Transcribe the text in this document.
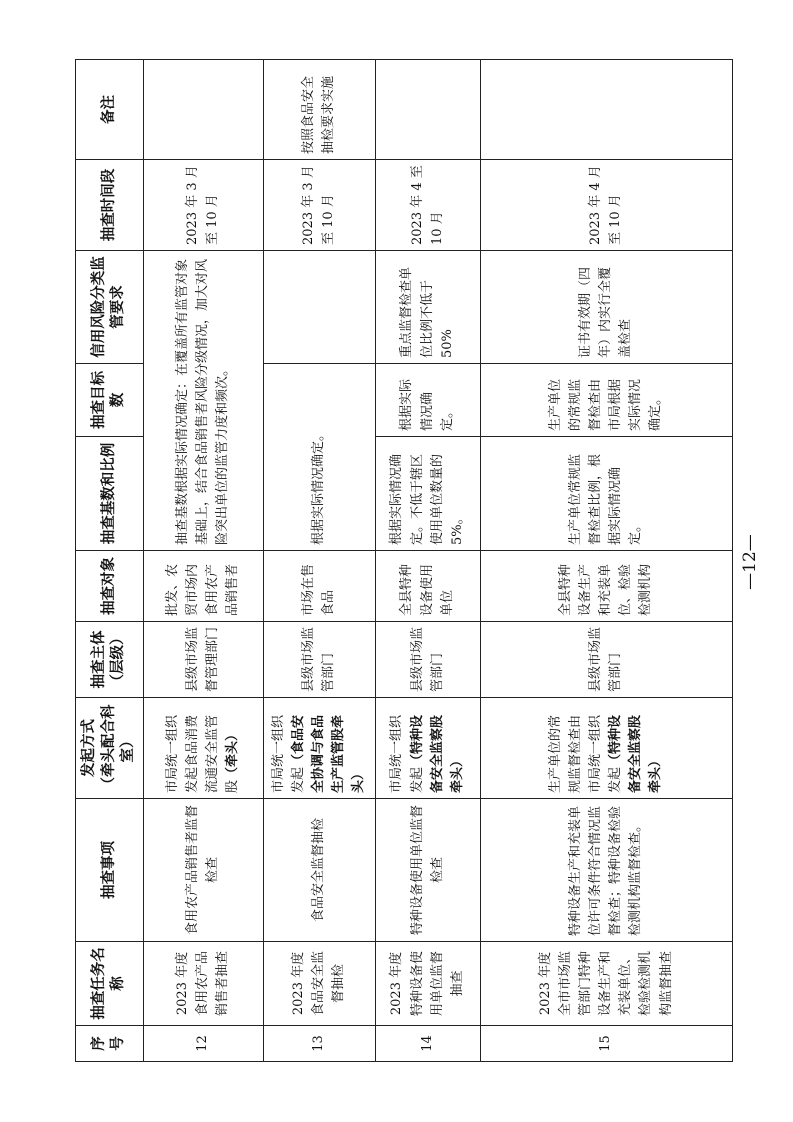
序号	抽查任务名称	抽查事项	发起方式 （牵头配合科室）	抽查主体 （层级）	抽查对象	抽查基数和比例	抽查目标数	信用风险分类监管要求	抽查时间段	备注
12	2023 年度食用农产品销售者抽查	食用农产品销售者监督检查	市局统一组织发起食品消费流通安全监管股（牵头）	县级市场监督管理部门	批发、农贸市场内食用农产品销售者	抽查基数根据实际情况确定：在覆盖所有监管对象基础上，结合食品销售者风险分级情况，加大对风险突出单位的监管力度和频次。			2023 年 3 月至 10 月	
13	2023 年度食品安全监督抽检	食品安全监督抽检	市局统一组织发起（食品安全协调与食品生产监管股牵头）	县级市场监管部门	市场在售食品	根据实际情况确定。			2023 年 3 月至 10 月	按照食品安全抽检要求实施
14	2023 年度特种设备使用单位监督抽查	特种设备使用单位监督检查	市局统一组织发起（特种设备安全监察股牵头）	县级市场监管部门	全县特种设备使用单位	根据实际情况确定。不低于辖区使用单位数量的 5%。	根据实际情况确定。	重点监督检查单位比例不低于 50%	2023 年 4 至 10 月	
15	2023 年度全市市场监管部门特种设备生产和充装单位、检验检测机构监督抽查	特种设备生产和充装单位许可条件符合情况监督检查；特种设备检验检测机构监督检查。	生产单位的常规监督检查由市局统一组织发起（特种设备安全监察股牵头）	县级市场监管部门	全县特种设备生产和充装单位、检验检测机构	生产单位常规监督检查比例，根据实际情况确定。	生产单位的常规监督检查由市局根据实际情况确定。	证书有效期（四年）内实行全覆盖检查	2023 年 4 月至 10 月	
—12—
